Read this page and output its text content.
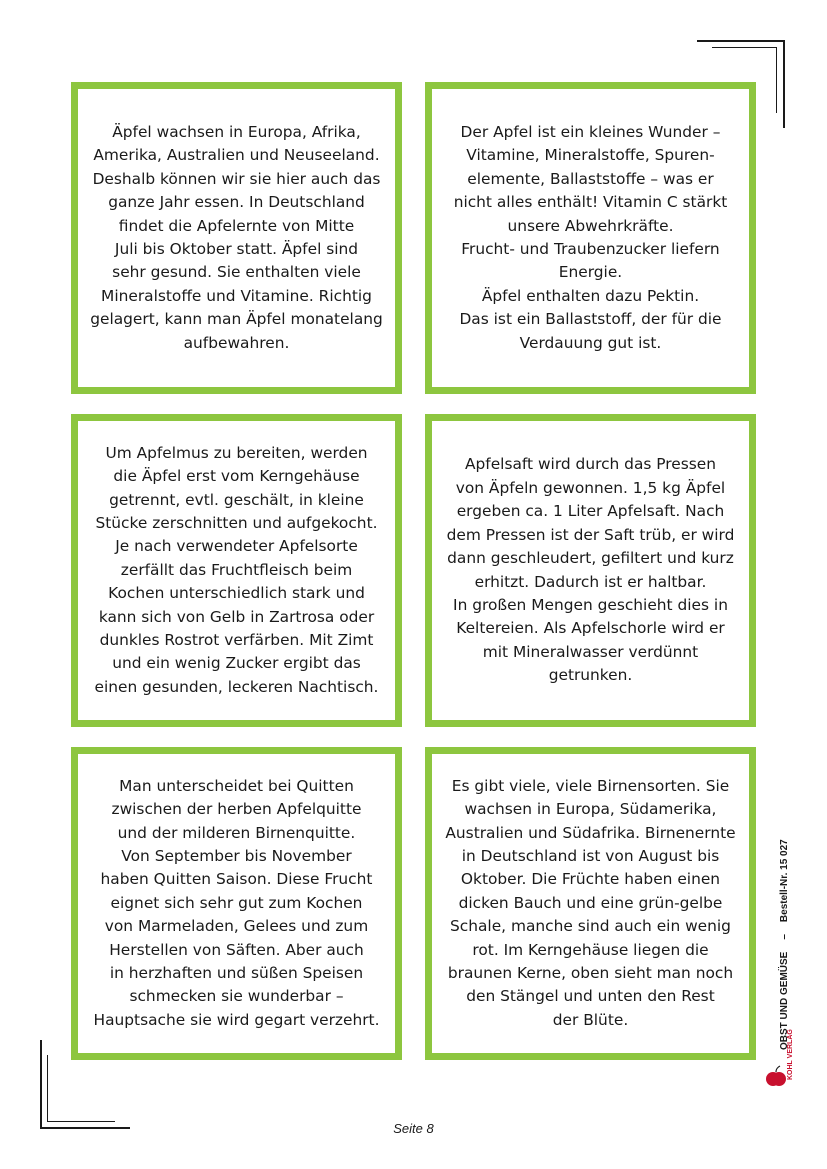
Äpfel wachsen in Europa, Afrika,
Amerika, Australien und Neuseeland.
Deshalb können wir sie hier auch das
ganze Jahr essen. In Deutschland
findet die Apfelernte von Mitte
Juli bis Oktober statt. Äpfel sind
sehr gesund. Sie enthalten viele
Mineralstoffe und Vitamine. Richtig
gelagert, kann man Äpfel monatelang
aufbewahren.

Der Apfel ist ein kleines Wunder –
Vitamine, Mineralstoffe, Spuren-
elemente, Ballaststoffe – was er
nicht alles enthält! Vitamin C stärkt
unsere Abwehrkräfte.
Frucht- und Traubenzucker liefern
Energie.
Äpfel enthalten dazu Pektin.
Das ist ein Ballaststoff, der für die
Verdauung gut ist.

Um Apfelmus zu bereiten, werden
die Äpfel erst vom Kerngehäuse
getrennt, evtl. geschält, in kleine
Stücke zerschnitten und aufgekocht.
Je nach verwendeter Apfelsorte
zerfällt das Fruchtfleisch beim
Kochen unterschiedlich stark und
kann sich von Gelb in Zartrosa oder
dunkles Rostrot verfärben. Mit Zimt
und ein wenig Zucker ergibt das
einen gesunden, leckeren Nachtisch.

Apfelsaft wird durch das Pressen
von Äpfeln gewonnen. 1,5 kg Äpfel
ergeben ca. 1 Liter Apfelsaft. Nach
dem Pressen ist der Saft trüb, er wird
dann geschleudert, gefiltert und kurz
erhitzt. Dadurch ist er haltbar.
In großen Mengen geschieht dies in
Keltereien. Als Apfelschorle wird er
mit Mineralwasser verdünnt
getrunken.

Man unterscheidet bei Quitten
zwischen der herben Apfelquitte
und der milderen Birnenquitte.
Von September bis November
haben Quitten Saison. Diese Frucht
eignet sich sehr gut zum Kochen
von Marmeladen, Gelees und zum
Herstellen von Säften. Aber auch
in herzhaften und süßen Speisen
schmecken sie wunderbar –
Hauptsache sie wird gegart verzehrt.

Es gibt viele, viele Birnensorten. Sie
wachsen in Europa, Südamerika,
Australien und Südafrika. Birnenernte
in Deutschland ist von August bis
Oktober. Die Früchte haben einen
dicken Bauch und eine grün-gelbe
Schale, manche sind auch ein wenig
rot. Im Kerngehäuse liegen die
braunen Kerne, oben sieht man noch
den Stängel und unten den Rest
der Blüte.	OBST UND GEMÜSE–Bestell-Nr. 15 027
KOHL VERLAG
Seite 8
